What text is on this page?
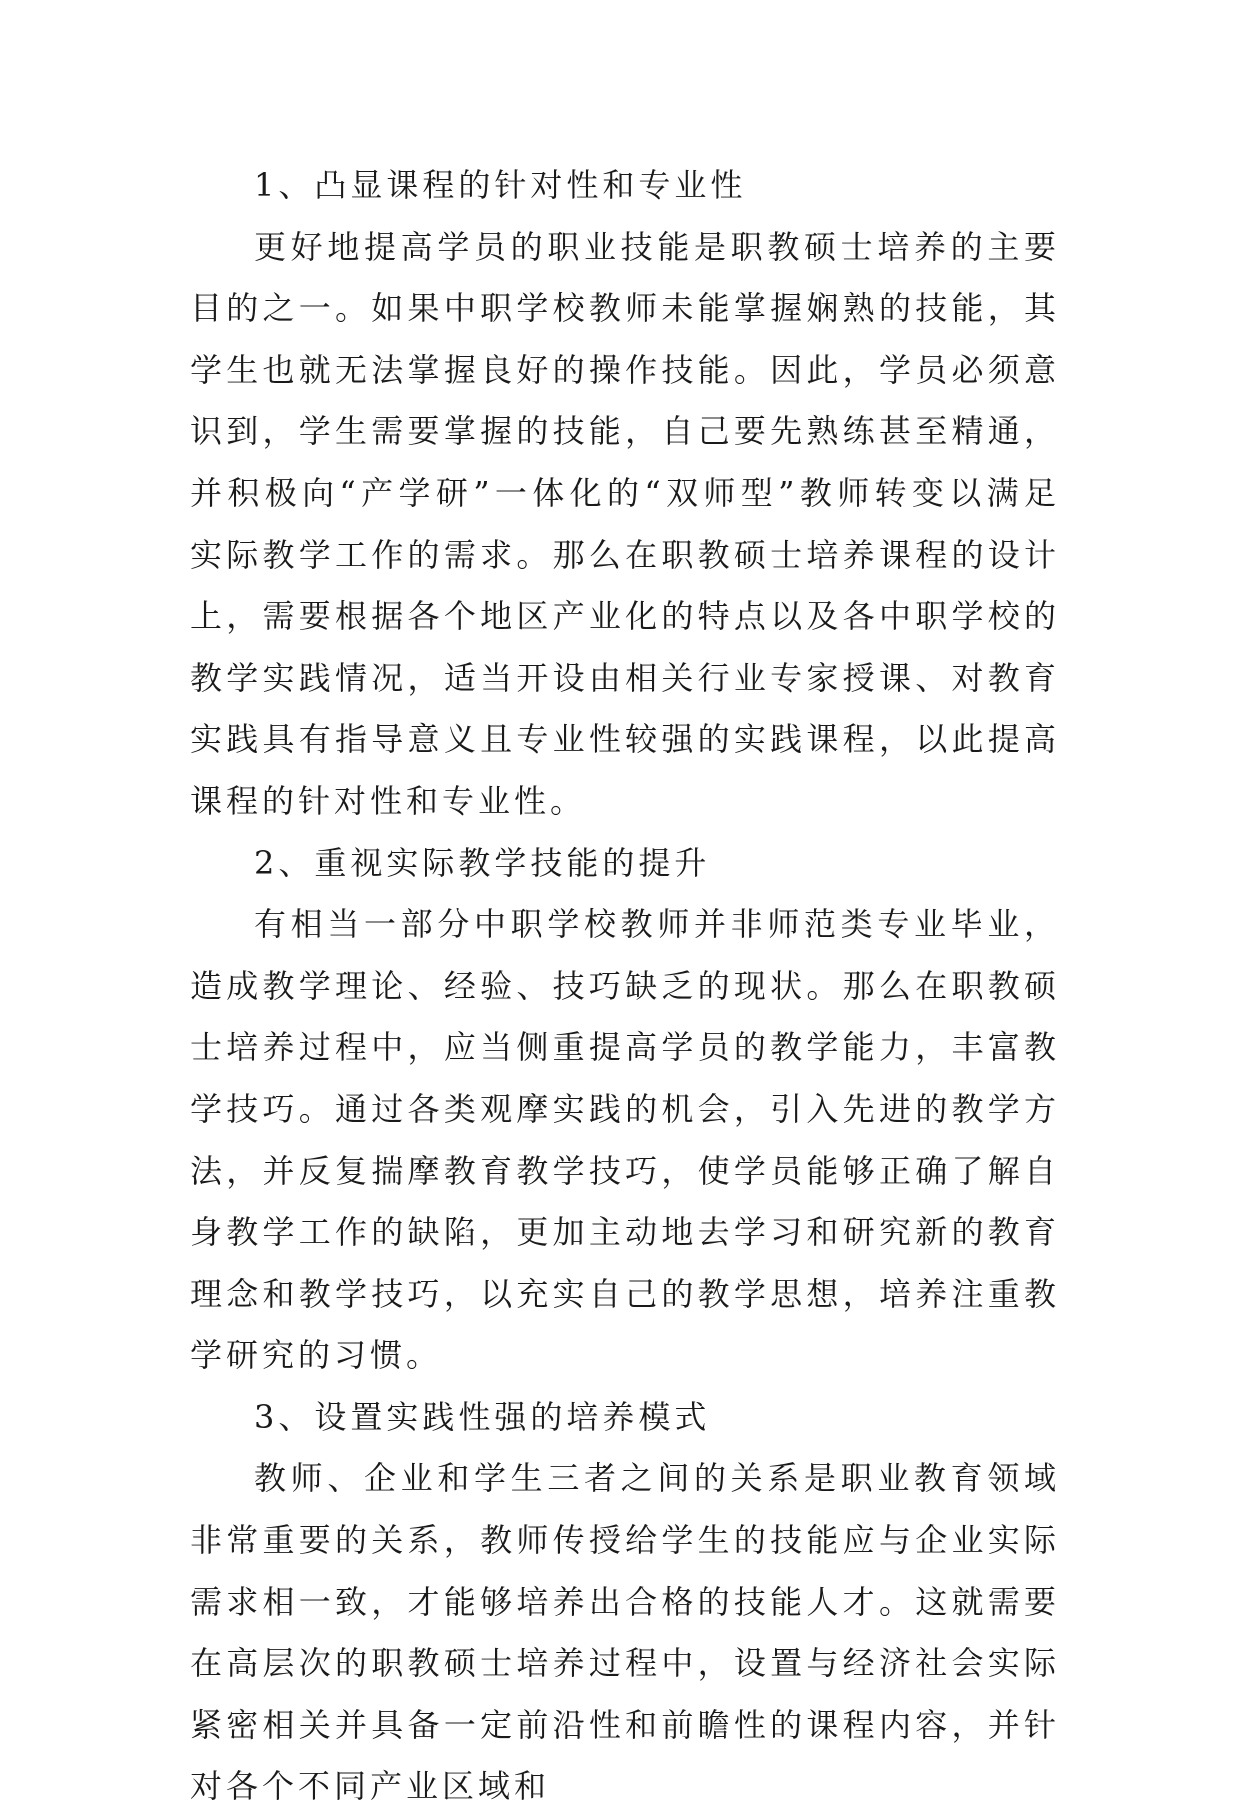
1、凸显课程的针对性和专业性

更好地提高学员的职业技能是职教硕士培养的主要目的之一。如果中职学校教师未能掌握娴熟的技能，其学生也就无法掌握良好的操作技能。因此，学员必须意识到，学生需要掌握的技能，自己要先熟练甚至精通，并积极向“产学研”一体化的“双师型”教师转变以满足实际教学工作的需求。那么在职教硕士培养课程的设计上，需要根据各个地区产业化的特点以及各中职学校的教学实践情况，适当开设由相关行业专家授课、对教育实践具有指导意义且专业性较强的实践课程，以此提高课程的针对性和专业性。

2、重视实际教学技能的提升

有相当一部分中职学校教师并非师范类专业毕业，造成教学理论、经验、技巧缺乏的现状。那么在职教硕士培养过程中，应当侧重提高学员的教学能力，丰富教学技巧。通过各类观摩实践的机会，引入先进的教学方法，并反复揣摩教育教学技巧，使学员能够正确了解自身教学工作的缺陷，更加主动地去学习和研究新的教育理念和教学技巧，以充实自己的教学思想，培养注重教学研究的习惯。

3、设置实践性强的培养模式

教师、企业和学生三者之间的关系是职业教育领域非常重要的关系，教师传授给学生的技能应与企业实际需求相一致，才能够培养出合格的技能人才。这就需要在高层次的职教硕士培养过程中，设置与经济社会实际紧密相关并具备一定前沿性和前瞻性的课程内容，并针对各个不同产业区域和
